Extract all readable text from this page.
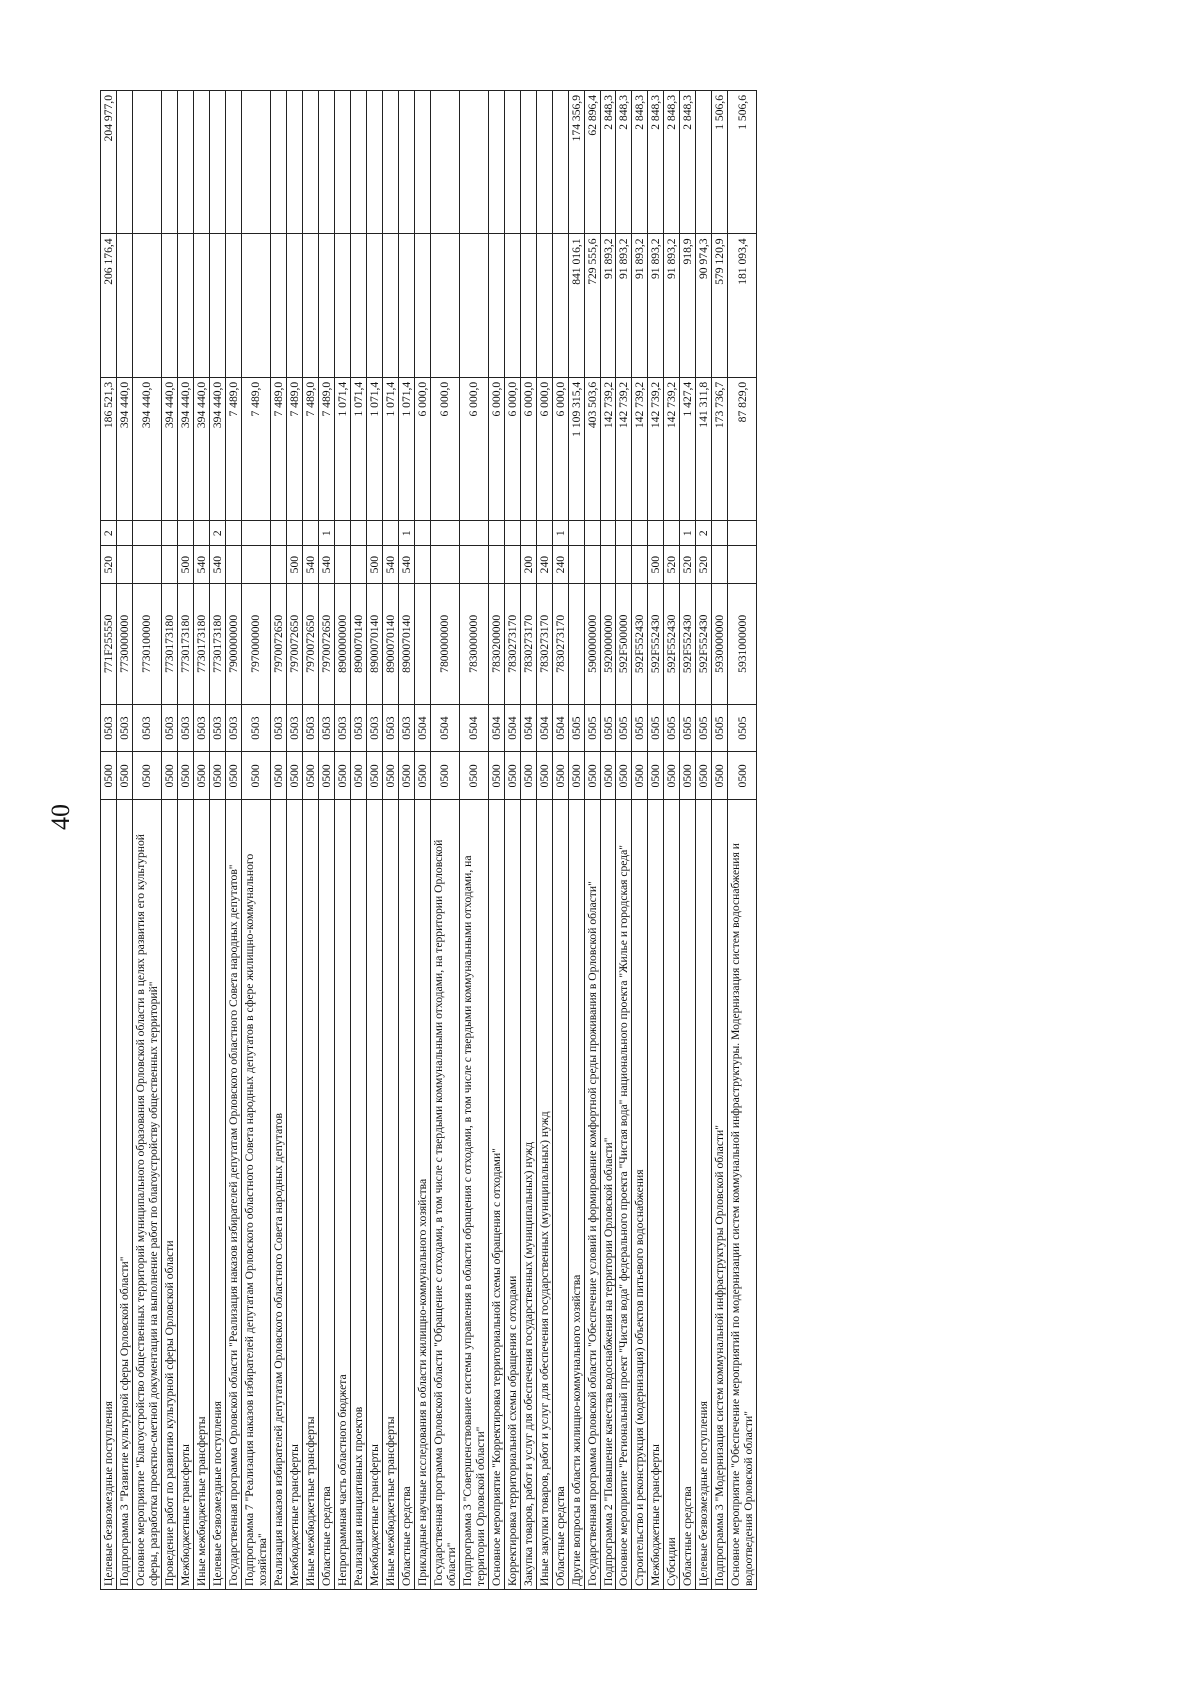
40
Целевые безвозмездные поступления	0500	0503	771F255550	520	2	186 521,3	206 176,4	204 977,0
Подпрограмма 3 "Развитие культурной сферы Орловской области"	0500	0503	7730000000			394 440,0		
Основное мероприятие "Благоустройство общественных территорий муниципального образования Орловской области в целях развития его культурной сферы, разработка проектно-сметной документации на выполнение работ по благоустройству общественных территорий"	0500	0503	7730100000			394 440,0		
Проведение работ по развитию культурной сферы Орловской области	0500	0503	7730173180			394 440,0		
Межбюджетные трансферты	0500	0503	7730173180	500		394 440,0		
Иные межбюджетные трансферты	0500	0503	7730173180	540		394 440,0		
Целевые безвозмездные поступления	0500	0503	7730173180	540	2	394 440,0		
Государственная программа Орловской области "Реализация наказов избирателей депутатам Орловского областного Совета народных депутатов"	0500	0503	7900000000			7 489,0		
Подпрограмма 7 "Реализация наказов избирателей депутатам Орловского областного Совета народных депутатов в сфере жилищно-коммунального хозяйства"	0500	0503	7970000000			7 489,0		
Реализация наказов избирателей депутатам Орловского областного Совета народных депутатов	0500	0503	7970072650			7 489,0		
Межбюджетные трансферты	0500	0503	7970072650	500		7 489,0		
Иные межбюджетные трансферты	0500	0503	7970072650	540		7 489,0		
Областные средства	0500	0503	7970072650	540	1	7 489,0		
Непрограммная часть областного бюджета	0500	0503	8900000000			1 071,4		
Реализация инициативных проектов	0500	0503	8900070140			1 071,4		
Межбюджетные трансферты	0500	0503	8900070140	500		1 071,4		
Иные межбюджетные трансферты	0500	0503	8900070140	540		1 071,4		
Областные средства	0500	0503	8900070140	540	1	1 071,4		
Прикладные научные исследования в области жилищно-коммунального хозяйства	0500	0504				6 000,0		
Государственная программа Орловской области "Обращение с отходами, в том числе с твердыми коммунальными отходами, на территории Орловской области"	0500	0504	7800000000			6 000,0		
Подпрограмма 3 "Совершенствование системы управления в области обращения с отходами, в том числе с твердыми коммунальными отходами, на территории Орловской области"	0500	0504	7830000000			6 000,0		
Основное мероприятие "Корректировка территориальной схемы обращения с отходами"	0500	0504	7830200000			6 000,0		
Корректировка территориальной схемы обращения с отходами	0500	0504	7830273170			6 000,0		
Закупка товаров, работ и услуг для обеспечения государственных (муниципальных) нужд	0500	0504	7830273170	200		6 000,0		
Иные закупки товаров, работ и услуг для обеспечения государственных (муниципальных) нужд	0500	0504	7830273170	240		6 000,0		
Областные средства	0500	0504	7830273170	240	1	6 000,0		
Другие вопросы в области жилищно-коммунального хозяйства	0500	0505				1 109 315,4	841 016,1	174 356,9
Государственная программа Орловской области "Обеспечение условий и формирование комфортной среды проживания в Орловской области"	0500	0505	5900000000			403 503,6	729 555,6	62 896,4
Подпрограмма 2 "Повышение качества водоснабжения на территории Орловской области"	0500	0505	5920000000			142 739,2	91 893,2	2 848,3
Основное мероприятие "Региональный проект "Чистая вода" федерального проекта "Чистая вода" национального проекта "Жилье и городская среда"	0500	0505	592F500000			142 739,2	91 893,2	2 848,3
Строительство и реконструкция (модернизация) объектов питьевого водоснабжения	0500	0505	592F552430			142 739,2	91 893,2	2 848,3
Межбюджетные трансферты	0500	0505	592F552430	500		142 739,2	91 893,2	2 848,3
Субсидии	0500	0505	592F552430	520		142 739,2	91 893,2	2 848,3
Областные средства	0500	0505	592F552430	520	1	1 427,4	918,9	2 848,3
Целевые безвозмездные поступления	0500	0505	592F552430	520	2	141 311,8	90 974,3	
Подпрограмма 3 "Модернизация систем коммунальной инфраструктуры Орловской области"	0500	0505	5930000000			173 736,7	579 120,9	1 506,6
Основное мероприятие "Обеспечение мероприятий по модернизации систем коммунальной инфраструктуры. Модернизация систем водоснабжения и водоотведения Орловской области"	0500	0505	5931000000			87 829,0	181 093,4	1 506,6
